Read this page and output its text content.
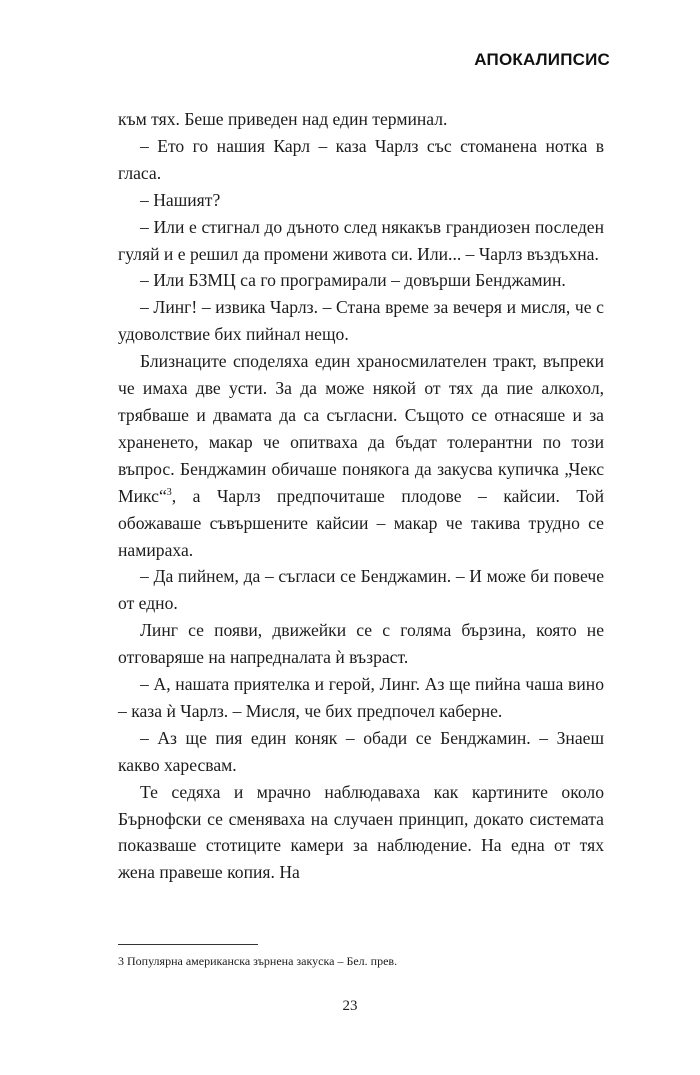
АПОКАЛИПСИС

към тях. Беше приведен над един терминал.

– Ето го нашия Карл – каза Чарлз със стоманена нотка в гласа.

– Нашият?

– Или е стигнал до дъното след някакъв грандиозен последен гуляй и е решил да промени живота си. Или... – Чарлз въздъхна.

– Или БЗМЦ са го програмирали – довърши Бенджамин.

– Линг! – извика Чарлз. – Стана време за вечеря и мисля, че с удоволствие бих пийнал нещо.

Близнаците споделяха един храносмилателен тракт, въпреки че имаха две усти. За да може някой от тях да пие алкохол, трябваше и двамата да са съгласни. Същото се отнасяше и за храненето, макар че опитваха да бъдат толерантни по този въпрос. Бенджамин обичаше понякога да закусва купичка „Чекс Микс“$^3$, а Чарлз предпочиташе плодове – кайсии. Той обожаваше съвършените кайсии – макар че такива трудно се намираха.

– Да пийнем, да – съгласи се Бенджамин. – И може би повече от едно.

Линг се появи, движейки се с голяма бързина, която не отговаряше на напредналата ѝ възраст.

– А, нашата приятелка и герой, Линг. Аз ще пийна чаша вино – каза ѝ Чарлз. – Мисля, че бих предпочел каберне.

– Аз ще пия един коняк – обади се Бенджамин. – Знаеш какво харесвам.

Те седяха и мрачно наблюдаваха как картините около Бърнофски се сменяваха на случаен принцип, докато системата показваше стотиците камери за наблюдение. На една от тях жена правеше копия. На

3 Популярна американска зърнена закуска – Бел. прев.
23
